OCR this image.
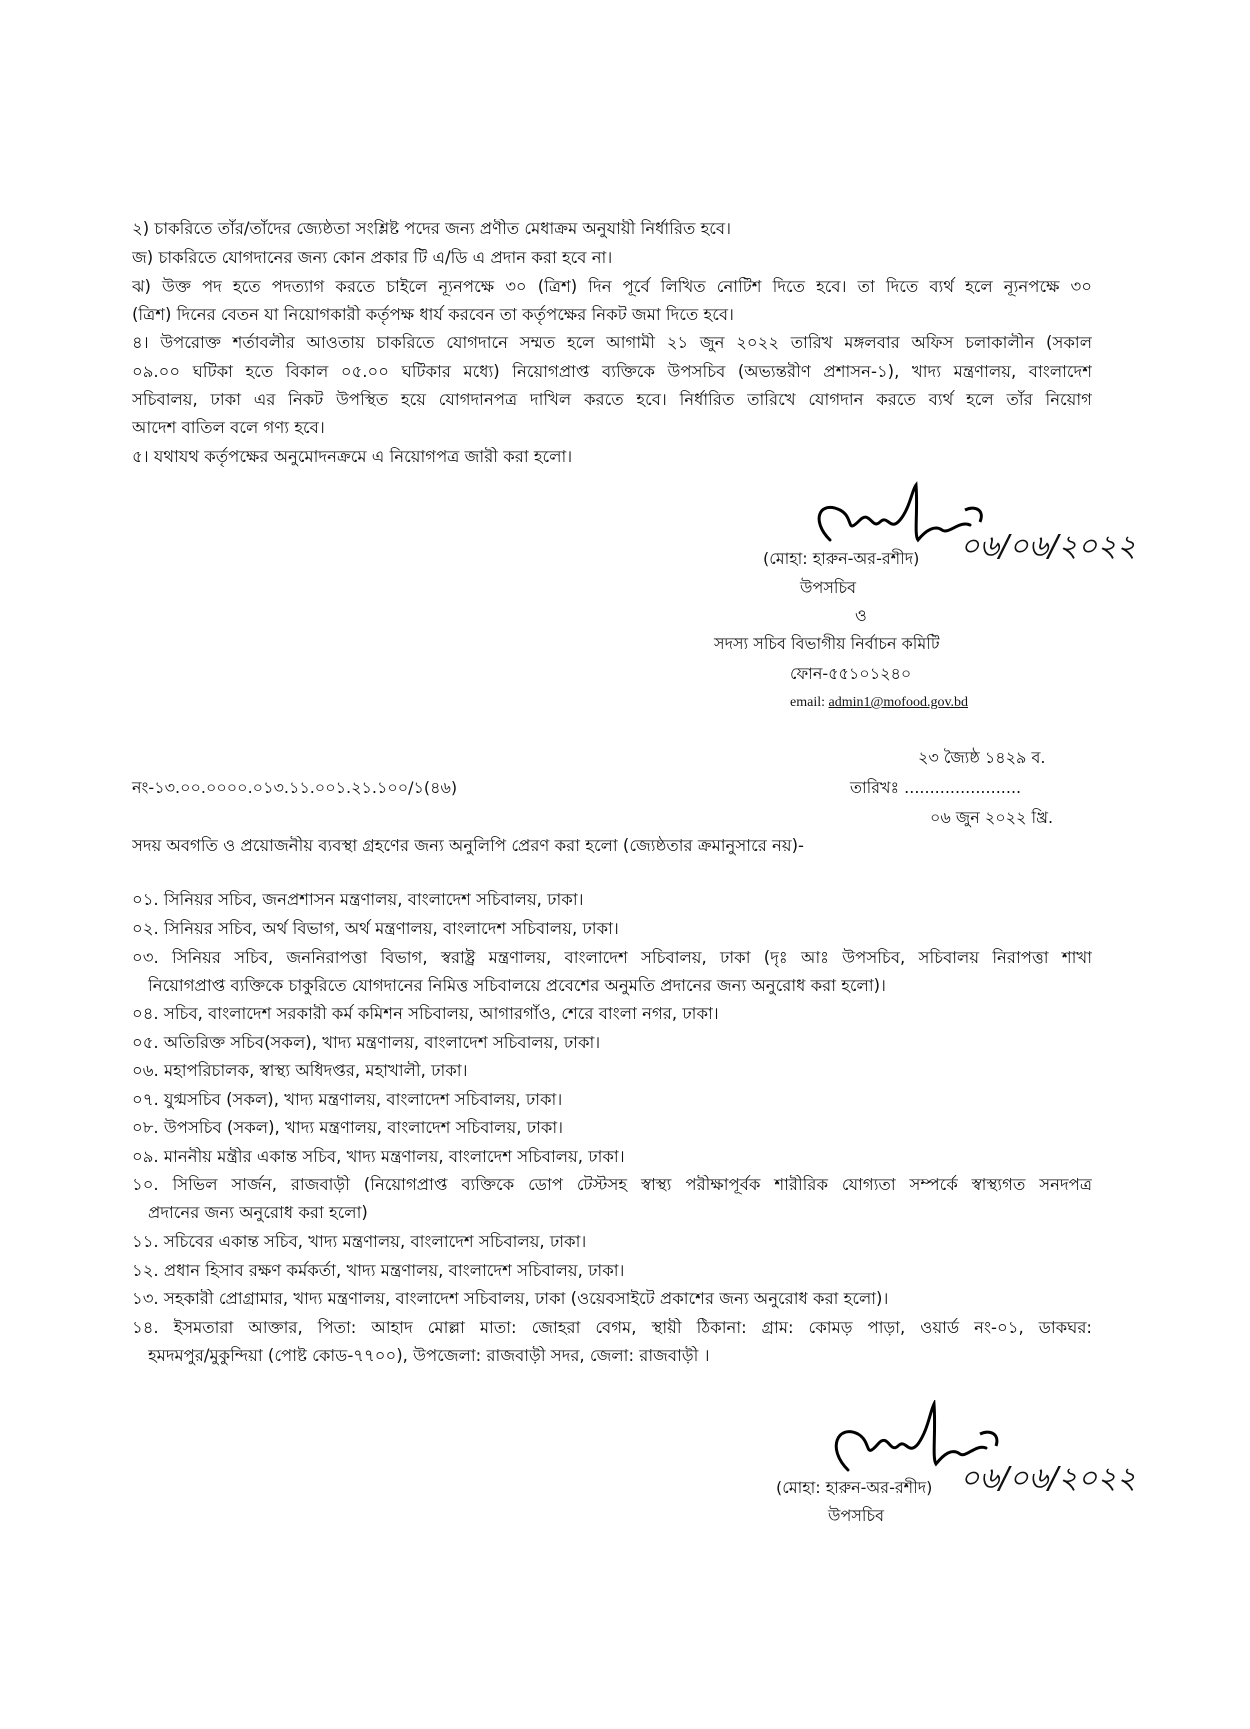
২) চাকরিতে তাঁর/তাঁদের জ্যেষ্ঠতা সংশ্লিষ্ট পদের জন্য প্রণীত মেধাক্রম অনুযায়ী নির্ধারিত হবে।
জ) চাকরিতে যোগদানের জন্য কোন প্রকার টি এ/ডি এ প্রদান করা হবে না।
ঝ) উক্ত পদ হতে পদত্যাগ করতে চাইলে ন্যূনপক্ষে ৩০ (ত্রিশ) দিন পূর্বে লিখিত নোটিশ দিতে হবে। তা দিতে ব্যর্থ হলে ন্যূনপক্ষে ৩০
(ত্রিশ) দিনের বেতন যা নিয়োগকারী কর্তৃপক্ষ ধার্য করবেন তা কর্তৃপক্ষের নিকট জমা দিতে হবে।
৪। উপরোক্ত শর্তাবলীর আওতায় চাকরিতে যোগদানে সম্মত হলে আগামী ২১ জুন ২০২২ তারিখ মঙ্গলবার অফিস চলাকালীন (সকাল
০৯.০০ ঘটিকা হতে বিকাল ০৫.০০ ঘটিকার মধ্যে) নিয়োগপ্রাপ্ত ব্যক্তিকে উপসচিব (অভ্যন্তরীণ প্রশাসন-১), খাদ্য মন্ত্রণালয়, বাংলাদেশ
সচিবালয়, ঢাকা এর নিকট উপস্থিত হয়ে যোগদানপত্র দাখিল করতে হবে। নির্ধারিত তারিখে যোগদান করতে ব্যর্থ হলে তাঁর নিয়োগ
আদেশ বাতিল বলে গণ্য হবে।
৫। যথাযথ কর্তৃপক্ষের অনুমোদনক্রমে এ নিয়োগপত্র জারী করা হলো।
০৬/০৬/২০২২
(মোহা: হারুন-অর-রশীদ)
উপসচিব
ও
সদস্য সচিব বিভাগীয় নির্বাচন কমিটি
ফোন-৫৫১০১২৪০
email: admin1@mofood.gov.bd
২৩ জ্যৈষ্ঠ ১৪২৯ ব.
নং-১৩.০০.০০০০.০১৩.১১.০০১.২১.১০০/১(৪৬)	তারিখঃ .......................
০৬ জুন ২০২২ খ্রি.
সদয় অবগতি ও প্রয়োজনীয় ব্যবস্থা গ্রহণের জন্য অনুলিপি প্রেরণ করা হলো (জ্যেষ্ঠতার ক্রমানুসারে নয়)-
০১. সিনিয়র সচিব, জনপ্রশাসন মন্ত্রণালয়, বাংলাদেশ সচিবালয়, ঢাকা।
০২. সিনিয়র সচিব, অর্থ বিভাগ, অর্থ মন্ত্রণালয়, বাংলাদেশ সচিবালয়, ঢাকা।
০৩. সিনিয়র সচিব, জননিরাপত্তা বিভাগ, স্বরাষ্ট্র মন্ত্রণালয়, বাংলাদেশ সচিবালয়, ঢাকা (দৃঃ আঃ উপসচিব, সচিবালয় নিরাপত্তা শাখা
নিয়োগপ্রাপ্ত ব্যক্তিকে চাকুরিতে যোগদানের নিমিত্ত সচিবালয়ে প্রবেশের অনুমতি প্রদানের জন্য অনুরোধ করা হলো)।
০৪. সচিব, বাংলাদেশ সরকারী কর্ম কমিশন সচিবালয়, আগারগাঁও, শেরে বাংলা নগর, ঢাকা।
০৫. অতিরিক্ত সচিব(সকল), খাদ্য মন্ত্রণালয়, বাংলাদেশ সচিবালয়, ঢাকা।
০৬. মহাপরিচালক, স্বাস্থ্য অধিদপ্তর, মহাখালী, ঢাকা।
০৭. যুগ্মসচিব (সকল), খাদ্য মন্ত্রণালয়, বাংলাদেশ সচিবালয়, ঢাকা।
০৮. উপসচিব (সকল), খাদ্য মন্ত্রণালয়, বাংলাদেশ সচিবালয়, ঢাকা।
০৯. মাননীয় মন্ত্রীর একান্ত সচিব, খাদ্য মন্ত্রণালয়, বাংলাদেশ সচিবালয়, ঢাকা।
১০. সিভিল সার্জন, রাজবাড়ী (নিয়োগপ্রাপ্ত ব্যক্তিকে ডোপ টেস্টসহ স্বাস্থ্য পরীক্ষাপূর্বক শারীরিক যোগ্যতা সম্পর্কে স্বাস্থ্যগত সনদপত্র
প্রদানের জন্য অনুরোধ করা হলো)
১১. সচিবের একান্ত সচিব, খাদ্য মন্ত্রণালয়, বাংলাদেশ সচিবালয়, ঢাকা।
১২. প্রধান হিসাব রক্ষণ কর্মকর্তা, খাদ্য মন্ত্রণালয়, বাংলাদেশ সচিবালয়, ঢাকা।
১৩. সহকারী প্রোগ্রামার, খাদ্য মন্ত্রণালয়, বাংলাদেশ সচিবালয়, ঢাকা (ওয়েবসাইটে প্রকাশের জন্য অনুরোধ করা হলো)।
১৪. ইসমতারা আক্তার, পিতা: আহাদ মোল্লা মাতা: জোহরা বেগম, স্থায়ী ঠিকানা: গ্রাম: কোমড় পাড়া, ওয়ার্ড নং-০১, ডাকঘর:
হমদমপুর/মুকুন্দিয়া (পোষ্ট কোড-৭৭০০), উপজেলা: রাজবাড়ী সদর, জেলা: রাজবাড়ী ।
০৬/০৬/২০২২
(মোহা: হারুন-অর-রশীদ)
উপসচিব
